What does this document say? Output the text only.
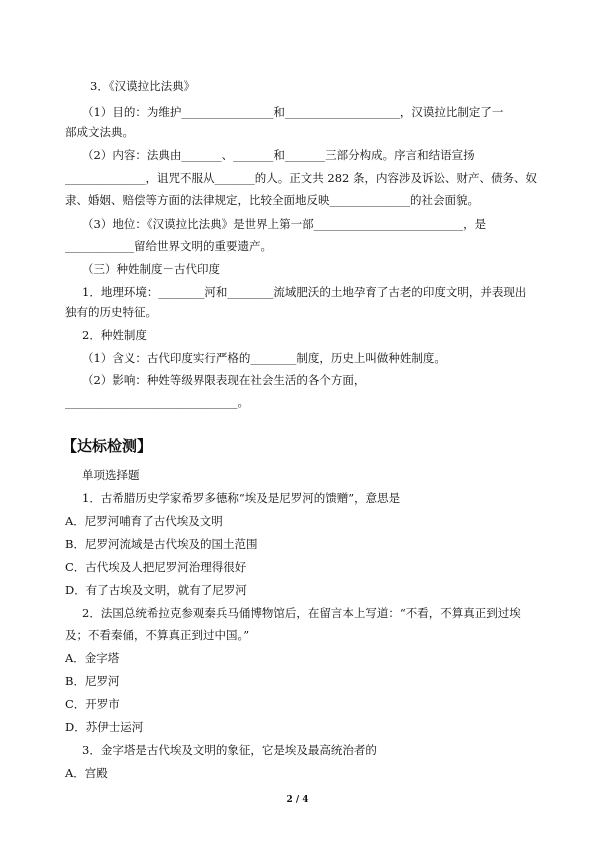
3．《汉谟拉比法典》
（1）目的：为维护________________和____________________，汉谟拉比制定了一
部成文法典。
（2）内容：法典由_______、_______和_______三部分构成。序言和结语宣扬
______________，诅咒不服从_______的人。正文共 282 条，内容涉及诉讼、财产、债务、奴
隶、婚姻、赔偿等方面的法律规定，比较全面地反映______________的社会面貌。
（3）地位：《汉谟拉比法典》是世界上第一部__________________________，是
____________留给世界文明的重要遗产。
（三）种姓制度－古代印度
1．地理环境：________河和________流域肥沃的土地孕育了古老的印度文明，并表现出
独有的历史特征。
2．种姓制度
（1）含义：古代印度实行严格的________制度，历史上叫做种姓制度。
（2）影响：种姓等级界限表现在社会生活的各个方面，
______________________________。
【达标检测】
单项选择题
1．古希腊历史学家希罗多德称“埃及是尼罗河的馈赠”，意思是
A．尼罗河哺育了古代埃及文明
B．尼罗河流域是古代埃及的国土范围
C．古代埃及人把尼罗河治理得很好
D．有了古埃及文明，就有了尼罗河
2．法国总统希拉克参观秦兵马俑博物馆后，在留言本上写道：“不看，不算真正到过埃
及；不看秦俑，不算真正到过中国。”
A．金字塔
B．尼罗河
C．开罗市
D．苏伊士运河
3．金字塔是古代埃及文明的象征，它是埃及最高统治者的
A．宫殿
2 / 4
